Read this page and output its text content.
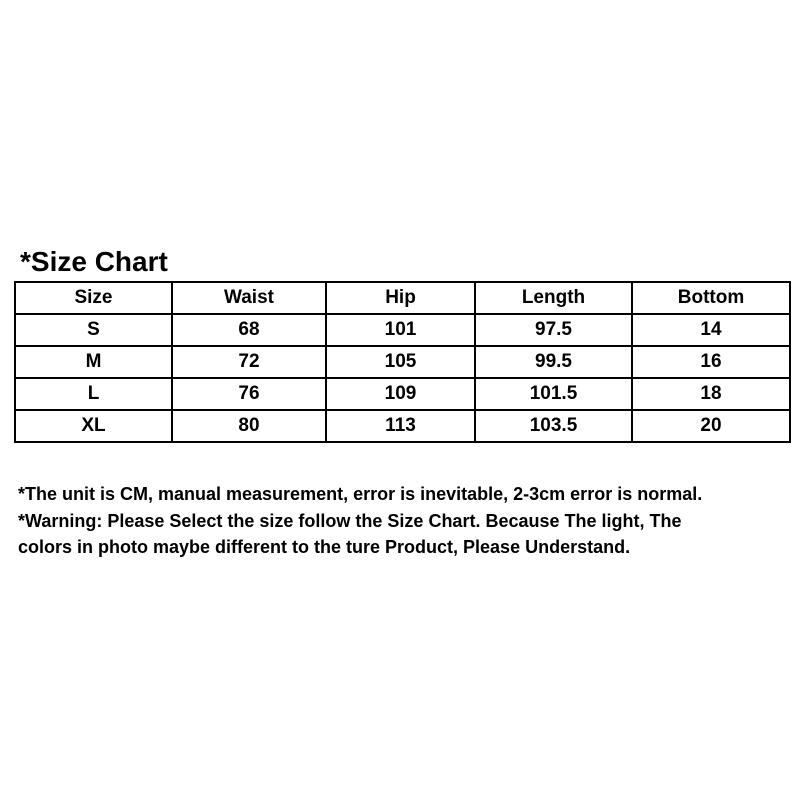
*Size Chart
Size	Waist	Hip	Length	Bottom
S	68	101	97.5	14
M	72	105	99.5	16
L	76	109	101.5	18
XL	80	113	103.5	20
*The unit is CM, manual measurement, error is inevitable, 2-3cm error is normal.
*Warning: Please Select the size follow the Size Chart. Because The light, The
colors in photo maybe different to the ture Product, Please Understand.
